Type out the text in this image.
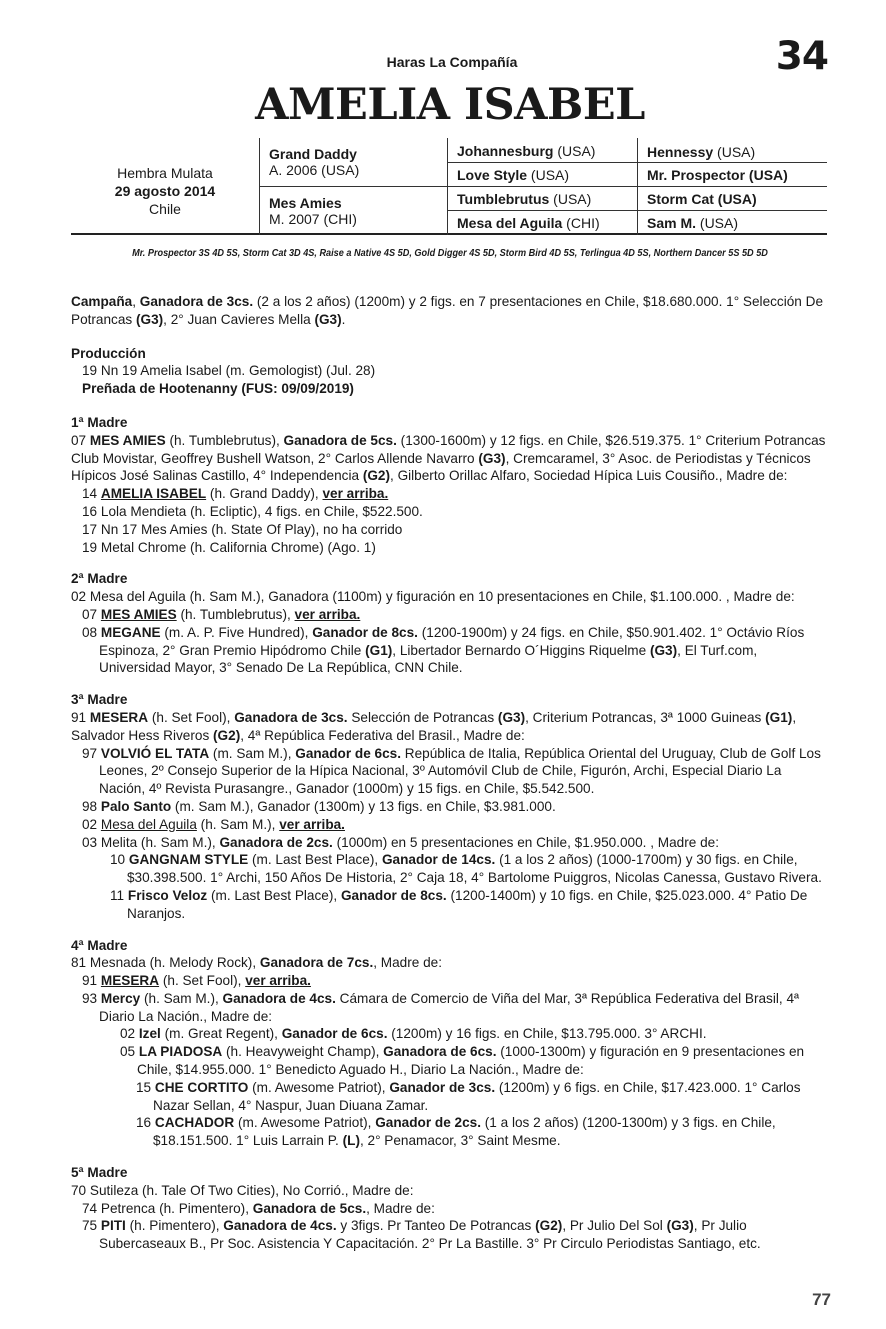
Haras La Compañía	34
AMELIA ISABEL
Hembra Mulata
29 agosto 2014
Chile
Grand Daddy
A. 2006 (USA)
Mes Amies
M. 2007 (CHI)
Johannesburg (USA)
Love Style (USA)
Tumblebrutus (USA)
Mesa del Aguila (CHI)
Hennessy (USA)
Mr. Prospector (USA)
Storm Cat (USA)
Sam M. (USA)
Mr. Prospector 3S 4D 5S, Storm Cat 3D 4S, Raise a Native 4S 5D, Gold Digger 4S 5D, Storm Bird 4D 5S, Terlingua 4D 5S, Northern Dancer 5S 5D 5D

Campaña, Ganadora de 3cs. (2 a los 2 años) (1200m) y 2 figs. en 7 presentaciones en Chile, $18.680.000. 1° Selección De Potrancas (G3), 2° Juan Cavieres Mella (G3).

Producción

19 Nn 19 Amelia Isabel (m. Gemologist) (Jul. 28)

Preñada de Hootenanny (FUS: 09/09/2019)

1ª Madre

07 MES AMIES (h. Tumblebrutus), Ganadora de 5cs. (1300-1600m) y 12 figs. en Chile, $26.519.375. 1° Criterium Potrancas Club Movistar, Geoffrey Bushell Watson, 2° Carlos Allende Navarro (G3), Cremcaramel, 3° Asoc. de Periodistas y Técnicos Hípicos José Salinas Castillo, 4° Independencia (G2), Gilberto Orillac Alfaro, Sociedad Hípica Luis Cousiño., Madre de:

14 AMELIA ISABEL (h. Grand Daddy), ver arriba.

16 Lola Mendieta (h. Ecliptic), 4 figs. en Chile, $522.500.

17 Nn 17 Mes Amies (h. State Of Play), no ha corrido

19 Metal Chrome (h. California Chrome) (Ago. 1)

2ª Madre

02 Mesa del Aguila (h. Sam M.), Ganadora (1100m) y figuración en 10 presentaciones en Chile, $1.100.000. , Madre de:

07 MES AMIES (h. Tumblebrutus), ver arriba.

08 MEGANE (m. A. P. Five Hundred), Ganador de 8cs. (1200-1900m) y 24 figs. en Chile, $50.901.402. 1° Octávio Ríos Espinoza, 2° Gran Premio Hipódromo Chile (G1), Libertador Bernardo O´Higgins Riquelme (G3), El Turf.com, Universidad Mayor, 3° Senado De La República, CNN Chile.

3ª Madre

91 MESERA (h. Set Fool), Ganadora de 3cs. Selección de Potrancas (G3), Criterium Potrancas, 3ª 1000 Guineas (G1), Salvador Hess Riveros (G2), 4ª República Federativa del Brasil., Madre de:

97 VOLVIÓ EL TATA (m. Sam M.), Ganador de 6cs. República de Italia, República Oriental del Uruguay, Club de Golf Los Leones, 2º Consejo Superior de la Hípica Nacional, 3º Automóvil Club de Chile, Figurón, Archi, Especial Diario La Nación, 4º Revista Purasangre., Ganador (1000m) y 15 figs. en Chile, $5.542.500.

98 Palo Santo (m. Sam M.), Ganador (1300m) y 13 figs. en Chile, $3.981.000.

02 Mesa del Aguila (h. Sam M.), ver arriba.

03 Melita (h. Sam M.), Ganadora de 2cs. (1000m) en 5 presentaciones en Chile, $1.950.000. , Madre de:

10 GANGNAM STYLE (m. Last Best Place), Ganador de 14cs. (1 a los 2 años) (1000-1700m) y 30 figs. en Chile, $30.398.500. 1° Archi, 150 Años De Historia, 2° Caja 18, 4° Bartolome Puiggros, Nicolas Canessa, Gustavo Rivera.

11 Frisco Veloz (m. Last Best Place), Ganador de 8cs. (1200-1400m) y 10 figs. en Chile, $25.023.000. 4° Patio De Naranjos.

4ª Madre

81 Mesnada (h. Melody Rock), Ganadora de 7cs., Madre de:

91 MESERA (h. Set Fool), ver arriba.

93 Mercy (h. Sam M.), Ganadora de 4cs. Cámara de Comercio de Viña del Mar, 3ª República Federativa del Brasil, 4ª Diario La Nación., Madre de:

02 Izel (m. Great Regent), Ganador de 6cs. (1200m) y 16 figs. en Chile, $13.795.000. 3° ARCHI.

05 LA PIADOSA (h. Heavyweight Champ), Ganadora de 6cs. (1000-1300m) y figuración en 9 presentaciones en Chile, $14.955.000. 1° Benedicto Aguado H., Diario La Nación., Madre de:

15 CHE CORTITO (m. Awesome Patriot), Ganador de 3cs. (1200m) y 6 figs. en Chile, $17.423.000. 1° Carlos Nazar Sellan, 4° Naspur, Juan Diuana Zamar.

16 CACHADOR (m. Awesome Patriot), Ganador de 2cs. (1 a los 2 años) (1200-1300m) y 3 figs. en Chile, $18.151.500. 1° Luis Larrain P. (L), 2° Penamacor, 3° Saint Mesme.

5ª Madre

70 Sutileza (h. Tale Of Two Cities), No Corrió., Madre de:

74 Petrenca (h. Pimentero), Ganadora de 5cs., Madre de:

75 PITI (h. Pimentero), Ganadora de 4cs. y 3figs. Pr Tanteo De Potrancas (G2), Pr Julio Del Sol (G3), Pr Julio Subercaseaux B., Pr Soc. Asistencia Y Capacitación. 2° Pr La Bastille. 3° Pr Circulo Periodistas Santiago, etc.

77
